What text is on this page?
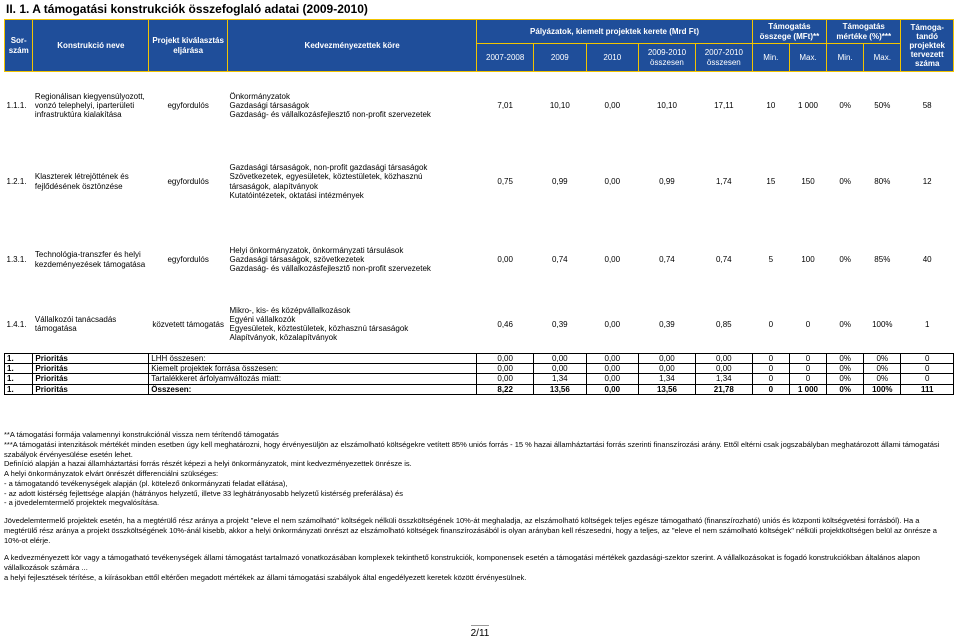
II. 1. A támogatási konstrukciók összefoglaló adatai (2009-2010)
Sor-szám	Konstrukció neve	Projekt kiválasztás eljárása	Kedvezményezettek köre	Pályázatok, kiemelt projektek kerete (Mrd Ft)					Támogatás összege (MFt)**		Támogatás mértéke (%)***		Támoga-tandó projektek tervezett száma
				2007-2008	2009	2010	2009-2010 összesen	2007-2010 összesen	Min.	Max.	Min.	Max.	
1.1.1.	Regionálisan kiegyensúlyozott, vonzó telephelyi, iparterületi infrastruktúra kialakítása	egyfordulós	Önkormányzatok
Gazdasági társaságok
Gazdaság- és vállalkozásfejlesztő non-profit szervezetek	7,01	10,10	0,00	10,10	17,11	10	1 000	0%	50%	58
1.2.1.	Klaszterek létrejöttének és fejlődésének ösztönzése	egyfordulós	Gazdasági társaságok, non-profit gazdasági társaságok
Szövetkezetek, egyesületek, köztestületek, közhasznú
társaságok, alapítványok
Kutatóintézetek, oktatási intézmények	0,75	0,99	0,00	0,99	1,74	15	150	0%	80%	12
1.3.1.	Technológia-transzfer és helyi kezdeményezések támogatása	egyfordulós	Helyi önkormányzatok, önkormányzati társulások
Gazdasági társaságok, szövetkezetek
Gazdaság- és vállalkozásfejlesztő non-profit szervezetek	0,00	0,74	0,00	0,74	0,74	5	100	0%	85%	40
1.4.1.	Vállalkozói tanácsadás támogatása	közvetett támogatás	Mikro-, kis- és középvállalkozások
Egyéni vállalkozók
Egyesületek, köztestületek, közhasznú társaságok
Alapítványok, közalapítványok	0,46	0,39	0,00	0,39	0,85	0	0	0%	100%	1
1.	Prioritás	LHH összesen:		0,00	0,00	0,00	0,00	0,00	0	0	0%	0%	0
1.	Prioritás	Kiemelt projektek forrása összesen:		0,00	0,00	0,00	0,00	0,00	0	0	0%	0%	0
1.	Prioritás	Tartalékkeret árfolyamváltozás miatt:		0,00	1,34	0,00	1,34	1,34	0	0	0%	0%	0
1.	Prioritás	Összesen:		8,22	13,56	0,00	13,56	21,78	0	1 000	0%	100%	111

**A támogatási formája valamennyi konstrukciónál vissza nem térítendő támogatás

***A támogatási intenzitások mértékét minden esetben úgy kell meghatározni, hogy érvényesüljön az elszámolható költségekre vetített 85% uniós forrás - 15 % hazai államháztartási forrás szerinti finanszírozási arány. Ettől eltérni csak jogszabályban meghatározott állami támogatási szabályok érvényesülése esetén lehet.

Definíció alapján a hazai államháztartási forrás részét képezi a helyi önkormányzatok, mint kedvezményezettek önrésze is.

A helyi önkormányzatok elvárt önrészét differenciálni szükséges:

- a támogatandó tevékenységek alapján (pl. kötelező önkormányzati feladat ellátása),

- az adott kistérség fejlettsége alapján (hátrányos helyzetű, illetve 33 leghátrányosabb helyzetű kistérség preferálása) és

- a jövedelemtermelő projektek megvalósítása.

Jövedelemtermelő projektek esetén, ha a megtérülő rész aránya a projekt "eleve el nem számolható" költségek nélküli összköltségének 10%-át meghaladja, az elszámolható költségek teljes egésze támogatható (finanszírozható) uniós és központi költségvetési forrásból). Ha a megtérülő rész aránya a projekt összköltségének 10%-ánál kisebb, akkor a helyi önkormányzati önrészt az elszámolható költségek finanszírozásából is olyan arányban kell részesedni, hogy a teljes, az "eleve el nem számolható költségek" nélküli projektköltségen belül az önrésze a 10%-ot elérje.

A kedvezményezett kör vagy a támogatható tevékenységek állami támogatást tartalmazó vonatkozásában komplexek tekinthető konstrukciók, komponensek esetén a támogatási mértékek gazdasági-szektor szerint. A vállalkozásokat is fogadó konstrukciókban általános alapon vállalkozások számára ...

a helyi fejlesztések térítése, a kiírásokban ettől eltérően megadott mértékek az állami támogatási szabályok által engedélyezett keretek között érvényesülnek.

2/11
